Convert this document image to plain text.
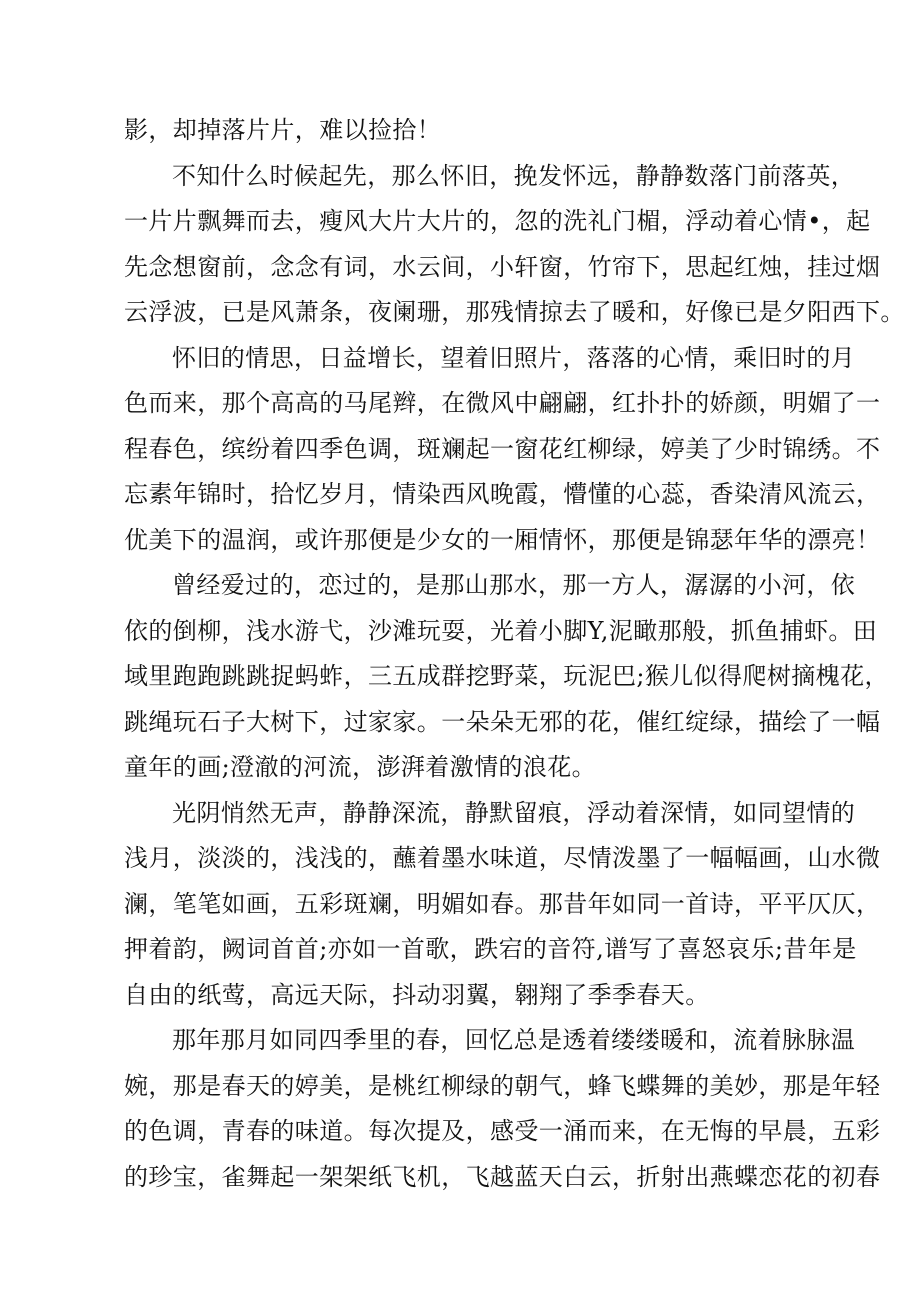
影，却掉落片片，难以捡拾！
不知什么时候起先，那么怀旧，挽发怀远，静静数落门前落英，
一片片飘舞而去，瘦风大片大片的，忽的洗礼门楣，浮动着心情•，起
先念想窗前，念念有词，水云间，小轩窗，竹帘下，思起红烛，挂过烟
云浮波，已是风萧条，夜阑珊，那残情掠去了暖和，好像已是夕阳西下。
怀旧的情思，日益增长，望着旧照片，落落的心情，乘旧时的月
色而来，那个高高的马尾辫，在微风中翩翩，红扑扑的娇颜，明媚了一
程春色，缤纷着四季色调，斑斓起一窗花红柳绿，婷美了少时锦绣。不
忘素年锦时，拾忆岁月，情染西风晚霞，懵懂的心蕊，香染清风流云，
优美下的温润，或许那便是少女的一厢情怀，那便是锦瑟年华的漂亮！
曾经爱过的，恋过的，是那山那水，那一方人，潺潺的小河，依
依的倒柳，浅水游弋，沙滩玩耍，光着小脚Y,泥瞰那般，抓鱼捕虾。田
域里跑跑跳跳捉蚂蚱，三五成群挖野菜，玩泥巴;猴儿似得爬树摘槐花，
跳绳玩石子大树下，过家家。一朵朵无邪的花，催红绽绿，描绘了一幅
童年的画;澄澈的河流，澎湃着激情的浪花。
光阴悄然无声，静静深流，静默留痕，浮动着深情，如同望情的
浅月，淡淡的，浅浅的，蘸着墨水味道，尽情泼墨了一幅幅画，山水微
澜，笔笔如画，五彩斑斓，明媚如春。那昔年如同一首诗，平平仄仄，
押着韵，阙词首首;亦如一首歌，跌宕的音符,谱写了喜怒哀乐;昔年是
自由的纸莺，高远天际，抖动羽翼，翱翔了季季春天。
那年那月如同四季里的春，回忆总是透着缕缕暖和，流着脉脉温
婉，那是春天的婷美，是桃红柳绿的朝气，蜂飞蝶舞的美妙，那是年轻
的色调，青春的味道。每次提及，感受一涌而来，在无悔的早晨，五彩
的珍宝，雀舞起一架架纸飞机，飞越蓝天白云，折射出燕蝶恋花的初春
